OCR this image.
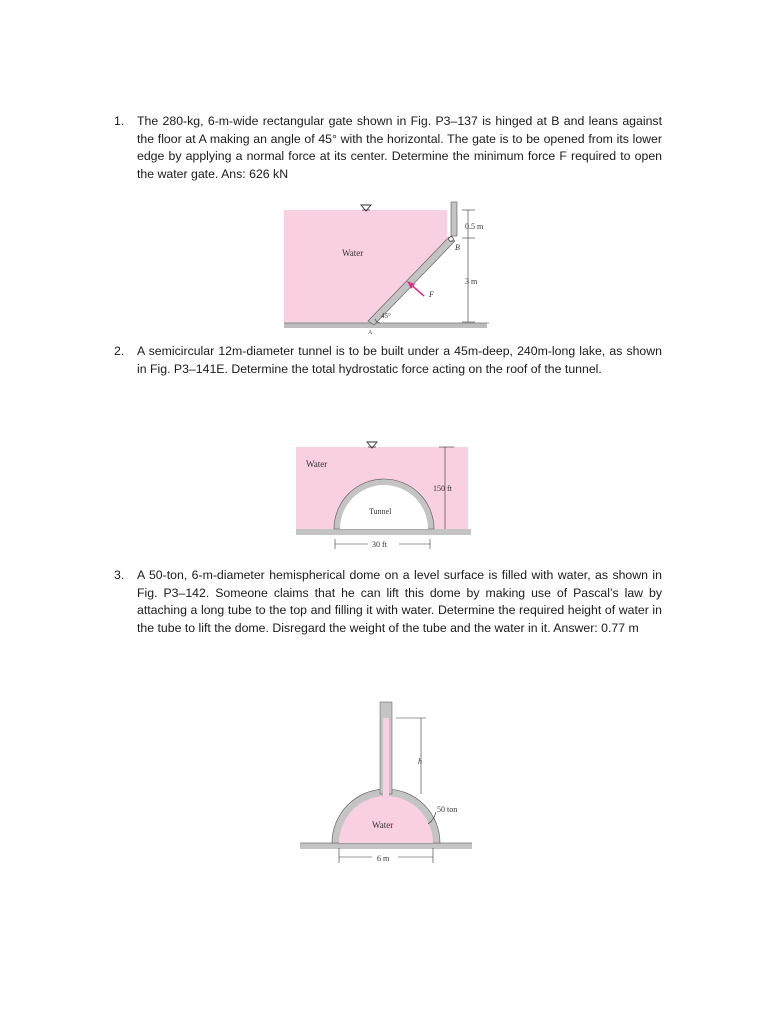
1. The 280-kg, 6-m-wide rectangular gate shown in Fig. P3–137 is hinged at B and leans against the floor at A making an angle of 45° with the horizontal. The gate is to be opened from its lower edge by applying a normal force at its center. Determine the minimum force F required to open the water gate. Ans: 626 kN
Water
0.5 m
B
3 m
F
45°
A
2. A semicircular 12m-diameter tunnel is to be built under a 45m-deep, 240m-long lake, as shown in Fig. P3–141E. Determine the total hydrostatic force acting on the roof of the tunnel.
Water
150 ft
Tunnel
30 ft
3. A 50-ton, 6-m-diameter hemispherical dome on a level surface is filled with water, as shown in Fig. P3–142. Someone claims that he can lift this dome by making use of Pascal’s law by attaching a long tube to the top and filling it with water. Determine the required height of water in the tube to lift the dome. Disregard the weight of the tube and the water in it. Answer: 0.77 m
Water
h
50 ton
6 m
